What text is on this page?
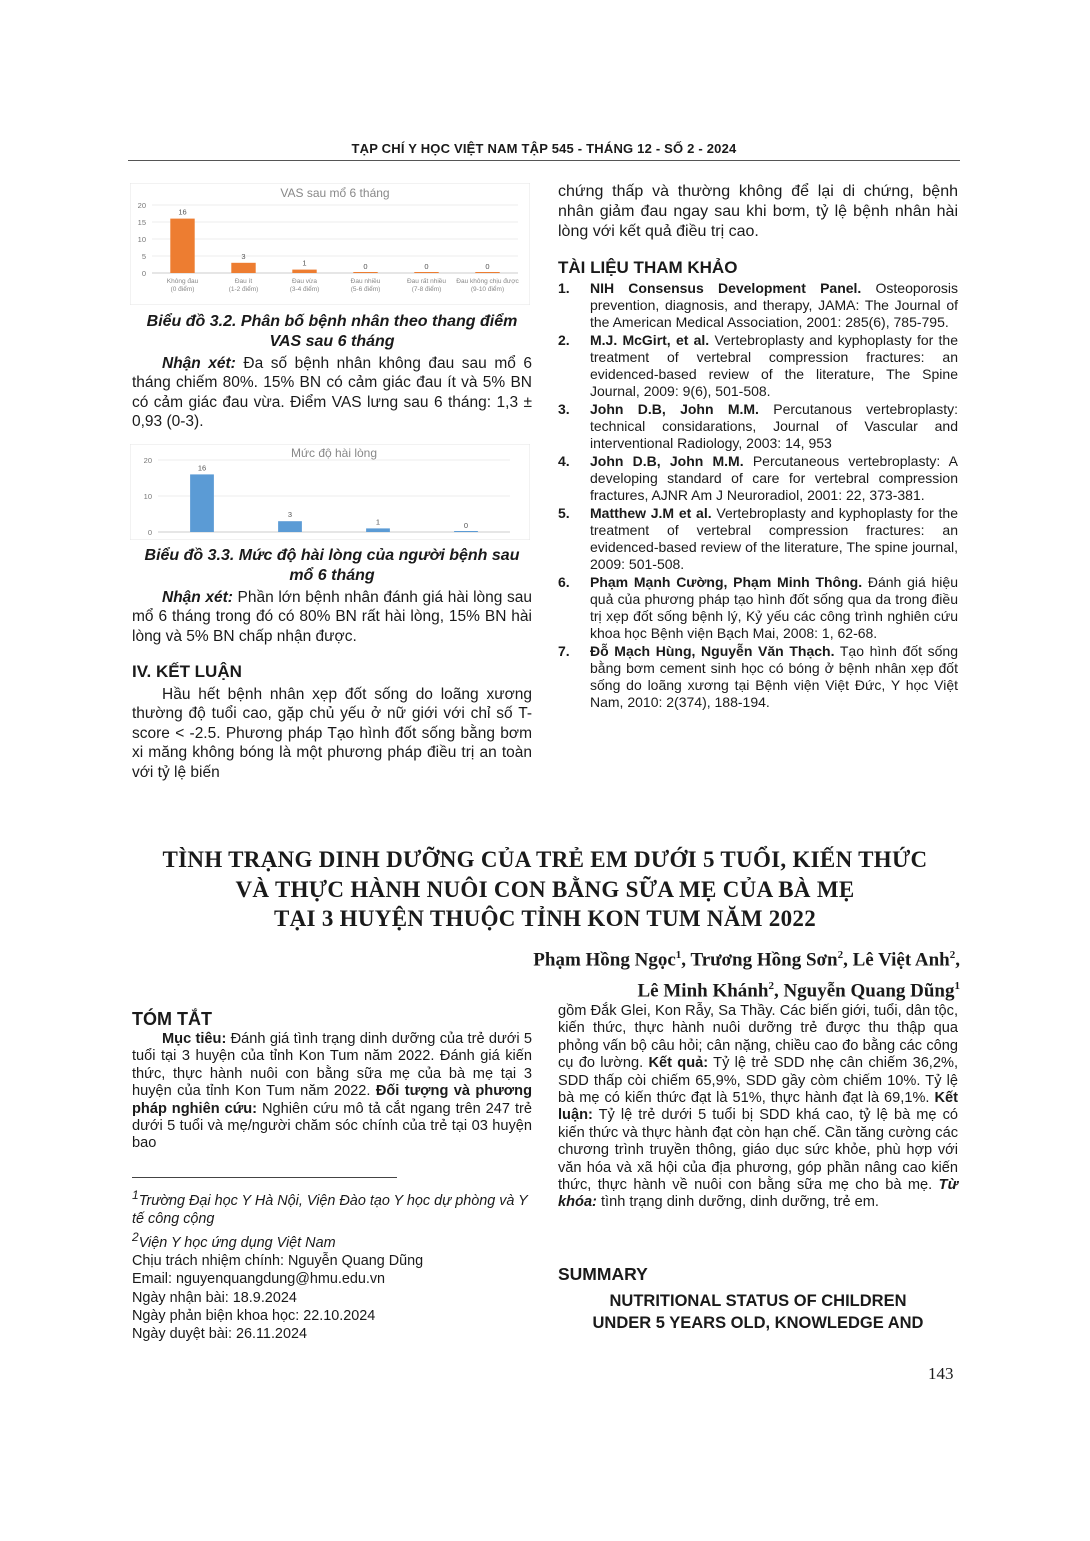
TẠP CHÍ Y HỌC VIỆT NAM TẬP 545 - THÁNG 12 - SỐ 2 - 2024
VAS sau mổ 6 tháng
0
5
10
15
20
16
Không đau (0 điểm)
3
Đau ít (1-2 điểm)
1
Đau vừa (3-4 điểm)
0
Đau nhiều (5-6 điểm)
0
Đau rất nhiều (7-8 điểm)
0
Đau không chịu được (9-10 điểm)
Biểu đồ 3.2. Phân bố bệnh nhân theo thang điểm VAS sau 6 tháng
Nhận xét: Đa số bệnh nhân không đau sau mổ 6 tháng chiếm 80%. 15% BN có cảm giác đau ít và 5% BN có cảm giác đau vừa. Điểm VAS lưng sau 6 tháng: 1,3 ± 0,93 (0-3).
Mức độ hài lòng
0
10
20
16
3
1	0
Biểu đồ 3.3. Mức độ hài lòng của người bệnh sau mổ 6 tháng
Nhận xét: Phần lớn bệnh nhân đánh giá hài lòng sau mổ 6 tháng trong đó có 80% BN rất hài lòng, 15% BN hài lòng và 5% BN chấp nhận được.
IV. KẾT LUẬN
Hầu hết bệnh nhân xẹp đốt sống do loãng xương thường độ tuổi cao, gặp chủ yếu ở nữ giới với chỉ số T-score < -2.5. Phương pháp Tạo hình đốt sống bằng bơm xi măng không bóng là một phương pháp điều trị an toàn với tỷ lệ biến
chứng thấp và thường không để lại di chứng, bệnh nhân giảm đau ngay sau khi bơm, tỷ lệ bệnh nhân hài lòng với kết quả điều trị cao.
TÀI LIỆU THAM KHẢO
1. NIH Consensus Development Panel. Osteoporosis prevention, diagnosis, and therapy, JAMA: The Journal of the American Medical Association, 2001: 285(6), 785-795.
2. M.J. McGirt, et al. Vertebroplasty and kyphoplasty for the treatment of vertebral compression fractures: an evidenced-based review of the literature, The Spine Journal, 2009: 9(6), 501-508.
3. John D.B, John M.M. Percutanous vertebroplasty: technical considarations, Journal of Vascular and interventional Radiology, 2003: 14, 953
4. John D.B, John M.M. Percutaneous vertebroplasty: A developing standard of care for vertebral compression fractures, AJNR Am J Neuroradiol, 2001: 22, 373-381.
5. Matthew J.M et al. Vertebroplasty and kyphoplasty for the treatment of vertebral compression fractures: an evidenced-based review of the literature, The spine journal, 2009: 501-508.
6. Phạm Mạnh Cường, Phạm Minh Thông. Đánh giá hiệu quả của phương pháp tạo hình đốt sống qua da trong điều trị xẹp đốt sống bệnh lý, Kỷ yếu các công trình nghiên cứu khoa học Bệnh viện Bạch Mai, 2008: 1, 62-68.
7. Đỗ Mạch Hùng, Nguyễn Văn Thạch. Tạo hình đốt sống bằng bơm cement sinh học có bóng ở bệnh nhân xẹp đốt sống do loãng xương tại Bệnh viện Việt Đức, Y học Việt Nam, 2010: 2(374), 188-194.
TÌNH TRẠNG DINH DƯỠNG CỦA TRẺ EM DƯỚI 5 TUỔI, KIẾN THỨC
VÀ THỰC HÀNH NUÔI CON BẰNG SỮA MẸ CỦA BÀ MẸ
TẠI 3 HUYỆN THUỘC TỈNH KON TUM NĂM 2022
Phạm Hồng Ngọc$^1$, Trương Hồng Sơn$^2$, Lê Việt Anh$^2$,
Lê Minh Khánh$^2$, Nguyễn Quang Dũng$^1$
TÓM TẮT
Mục tiêu: Đánh giá tình trạng dinh dưỡng của trẻ dưới 5 tuổi tại 3 huyện của tỉnh Kon Tum năm 2022. Đánh giá kiến thức, thực hành nuôi con bằng sữa mẹ của bà mẹ tại 3 huyện của tỉnh Kon Tum năm 2022. Đối tượng và phương pháp nghiên cứu: Nghiên cứu mô tả cắt ngang trên 247 trẻ dưới 5 tuổi và mẹ/người chăm sóc chính của trẻ tại 03 huyện bao
$^1$Trường Đại học Y Hà Nội, Viện Đào tạo Y học dự phòng và Y tế công cộng
$^2$Viện Y học ứng dụng Việt Nam
Chịu trách nhiệm chính: Nguyễn Quang Dũng
Email: nguyenquangdung@hmu.edu.vn
Ngày nhận bài: 18.9.2024
Ngày phản biện khoa học: 22.10.2024
Ngày duyệt bài: 26.11.2024
gồm Đắk Glei, Kon Rẫy, Sa Thầy. Các biến giới, tuổi, dân tộc, kiến thức, thực hành nuôi dưỡng trẻ được thu thập qua phỏng vấn bộ câu hỏi; cân nặng, chiều cao đo bằng các công cụ đo lường. Kết quả: Tỷ lệ trẻ SDD nhẹ cân chiếm 36,2%, SDD thấp còi chiếm 65,9%, SDD gầy còm chiếm 10%. Tỷ lệ bà mẹ có kiến thức đạt là 51%, thực hành đạt là 69,1%. Kết luận: Tỷ lệ trẻ dưới 5 tuổi bị SDD khá cao, tỷ lệ bà mẹ có kiến thức và thực hành đạt còn hạn chế. Cần tăng cường các chương trình truyền thông, giáo dục sức khỏe, phù hợp với văn hóa và xã hội của địa phương, góp phần nâng cao kiến thức, thực hành về nuôi con bằng sữa mẹ cho bà mẹ. Từ khóa: tình trạng dinh dưỡng, dinh dưỡng, trẻ em.
SUMMARY
NUTRITIONAL STATUS OF CHILDREN
UNDER 5 YEARS OLD, KNOWLEDGE AND
143
